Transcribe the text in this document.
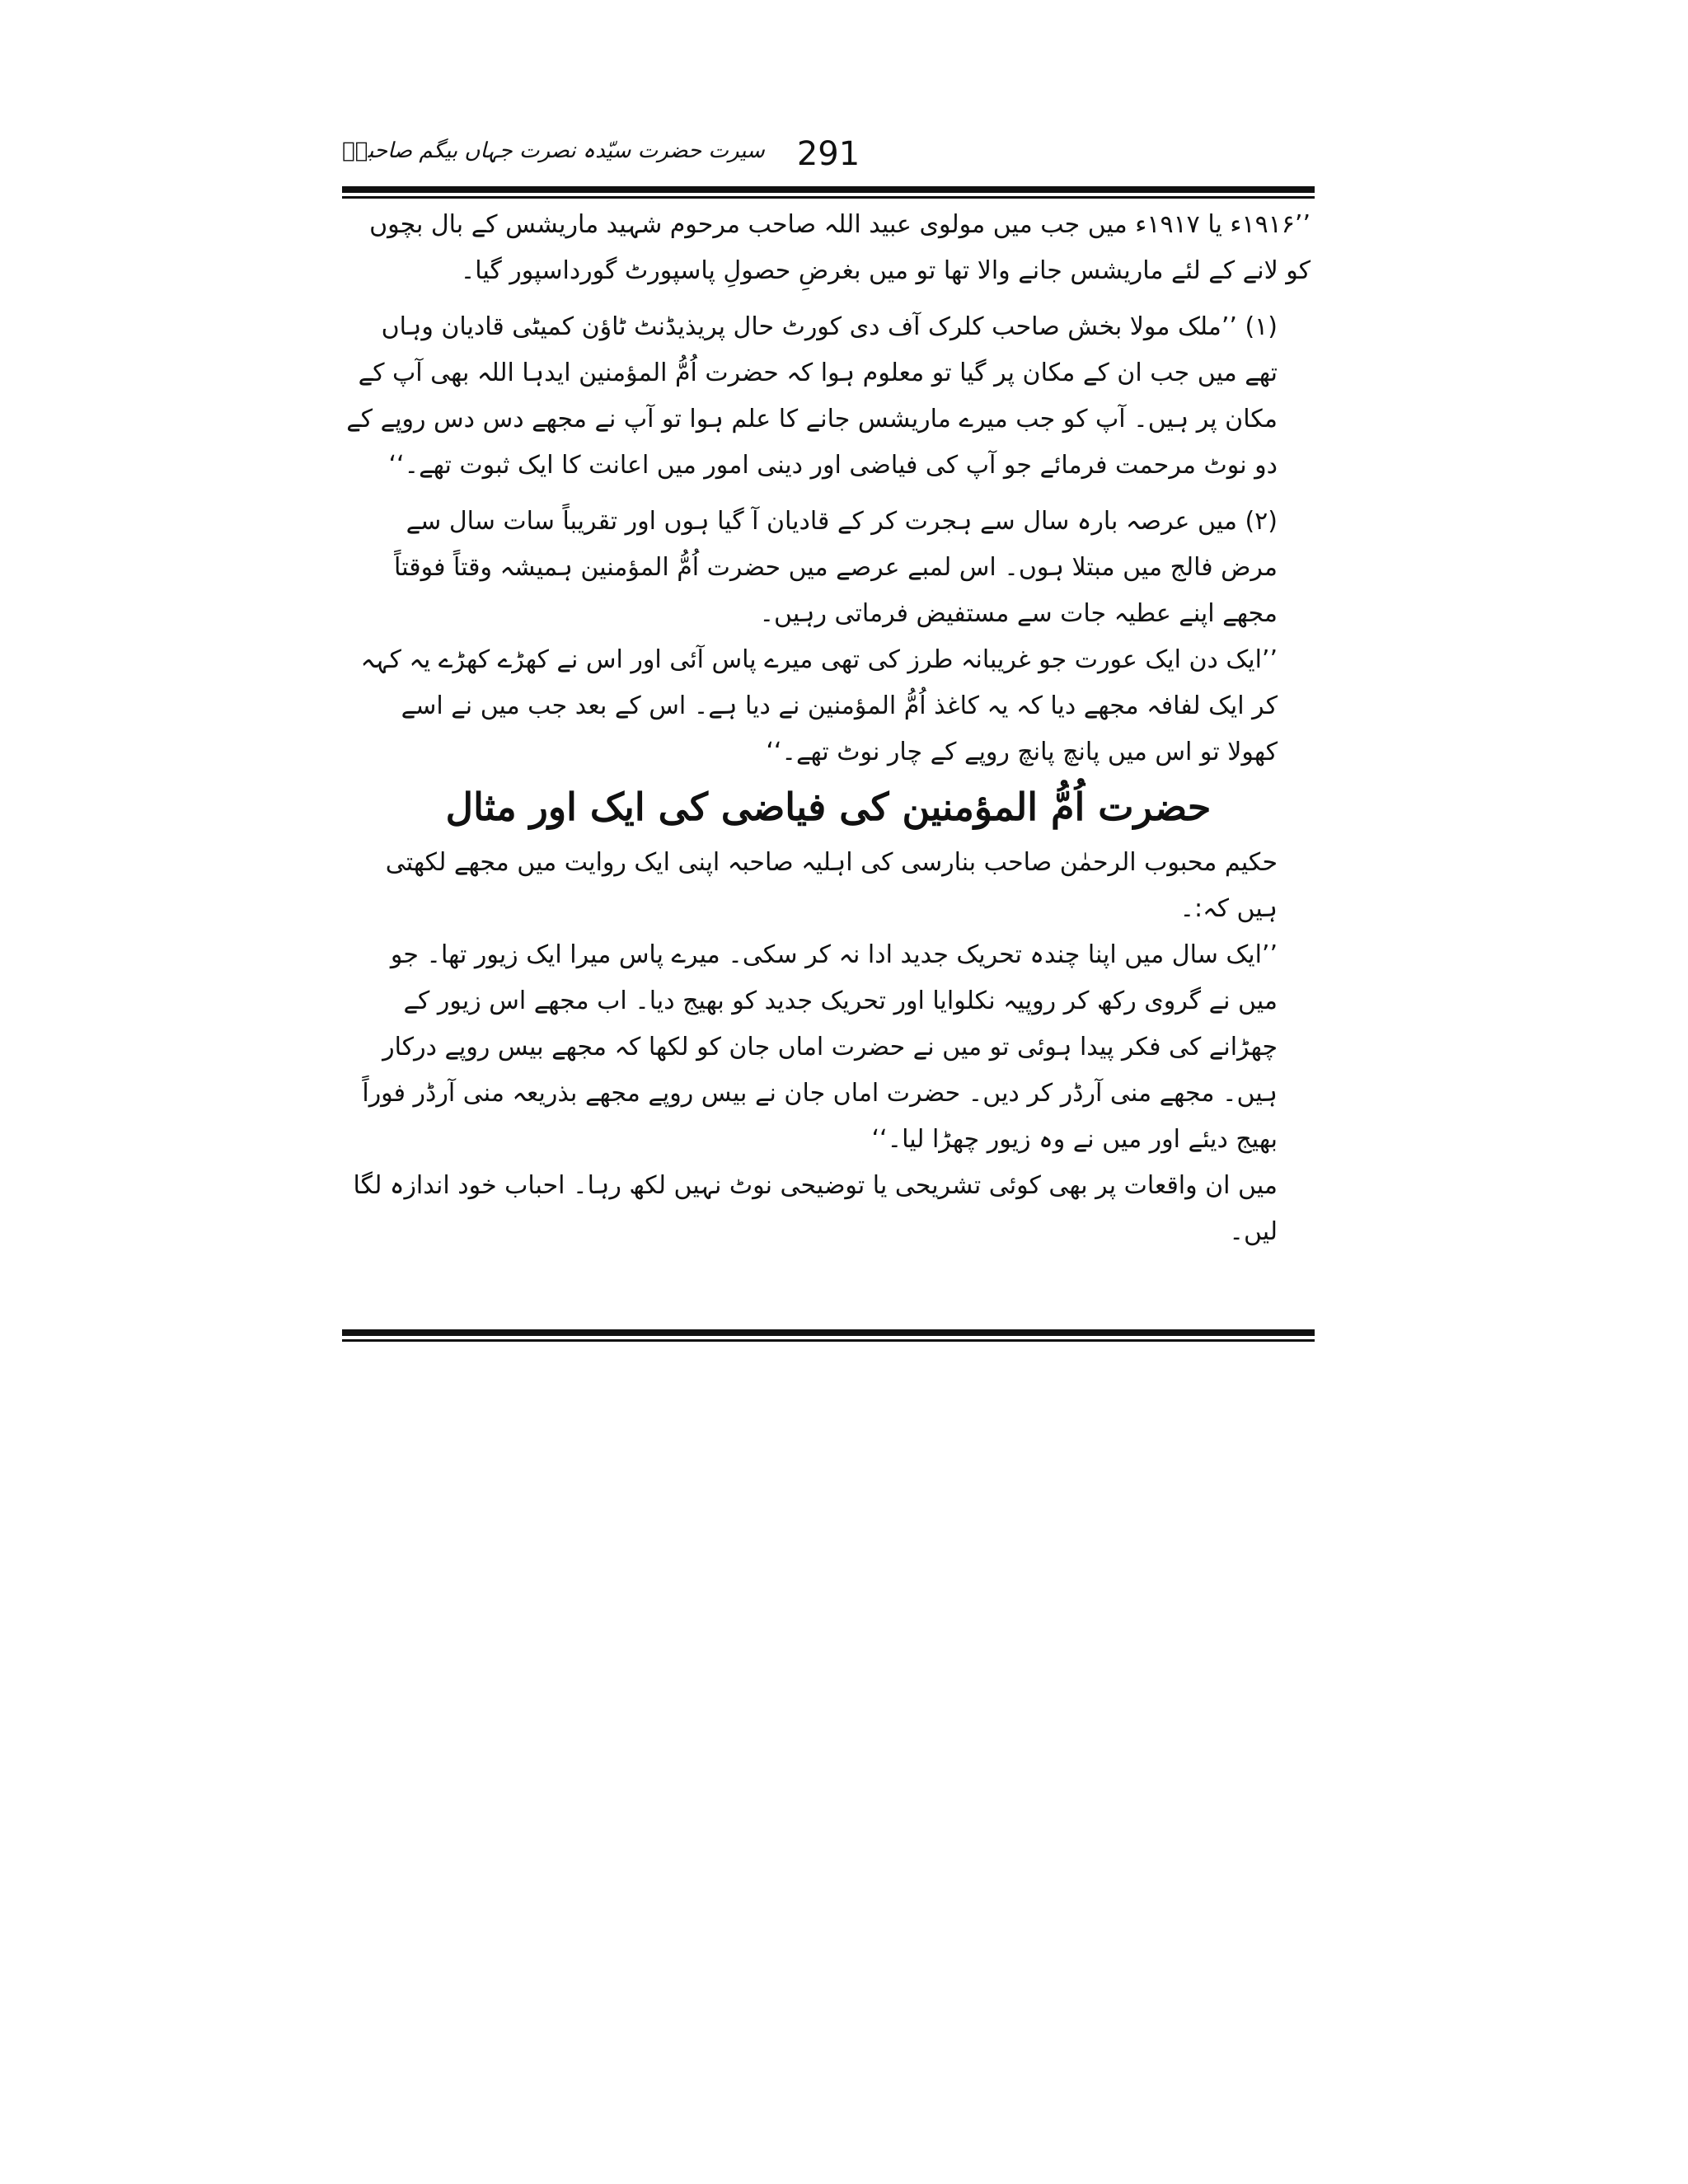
سیرت حضرت سیّدہ نصرت جہاں بیگم صاحبہؓ 291

’’۱۹۱۶ء یا ۱۹۱۷ء میں جب میں مولوی عبید اللہ صاحب مرحوم شہید ماریشس کے بال بچوں کو لانے کے لئے ماریشس جانے والا تھا تو میں بغرضِ حصولِ پاسپورٹ گورداسپور گیا۔

(۱) ’’ملک مولا بخش صاحب کلرک آف دی کورٹ حال پریذیڈنٹ ٹاؤن کمیٹی قادیان وہاں تھے میں جب ان کے مکان پر گیا تو معلوم ہوا کہ حضرت اُمُّ المؤمنین ایدہا اللہ بھی آپ کے مکان پر ہیں۔ آپ کو جب میرے ماریشس جانے کا علم ہوا تو آپ نے مجھے دس دس روپے کے دو نوٹ مرحمت فرمائے جو آپ کی فیاضی اور دینی امور میں اعانت کا ایک ثبوت تھے۔‘‘

(۲) میں عرصہ بارہ سال سے ہجرت کر کے قادیان آ گیا ہوں اور تقریباً سات سال سے مرض فالج میں مبتلا ہوں۔ اس لمبے عرصے میں حضرت اُمُّ المؤمنین ہمیشہ وقتاً فوقتاً مجھے اپنے عطیہ جات سے مستفیض فرماتی رہیں۔

’’ایک دن ایک عورت جو غریبانہ طرز کی تھی میرے پاس آئی اور اس نے کھڑے کھڑے یہ کہہ کر ایک لفافہ مجھے دیا کہ یہ کاغذ اُمُّ المؤمنین نے دیا ہے۔ اس کے بعد جب میں نے اسے کھولا تو اس میں پانچ پانچ روپے کے چار نوٹ تھے۔‘‘

حضرت اُمُّ المؤمنین کی فیاضی کی ایک اور مثال

حکیم محبوب الرحمٰن صاحب بنارسی کی اہلیہ صاحبہ اپنی ایک روایت میں مجھے لکھتی ہیں کہ:۔

’’ایک سال میں اپنا چندہ تحریک جدید ادا نہ کر سکی۔ میرے پاس میرا ایک زیور تھا۔ جو میں نے گروی رکھ کر روپیہ نکلوایا اور تحریک جدید کو بھیج دیا۔ اب مجھے اس زیور کے چھڑانے کی فکر پیدا ہوئی تو میں نے حضرت اماں جان کو لکھا کہ مجھے بیس روپے درکار ہیں۔ مجھے منی آرڈر کر دیں۔ حضرت اماں جان نے بیس روپے مجھے بذریعہ منی آرڈر فوراً بھیج دیئے اور میں نے وہ زیور چھڑا لیا۔‘‘

میں ان واقعات پر بھی کوئی تشریحی یا توضیحی نوٹ نہیں لکھ رہا۔ احباب خود اندازہ لگا لیں۔
